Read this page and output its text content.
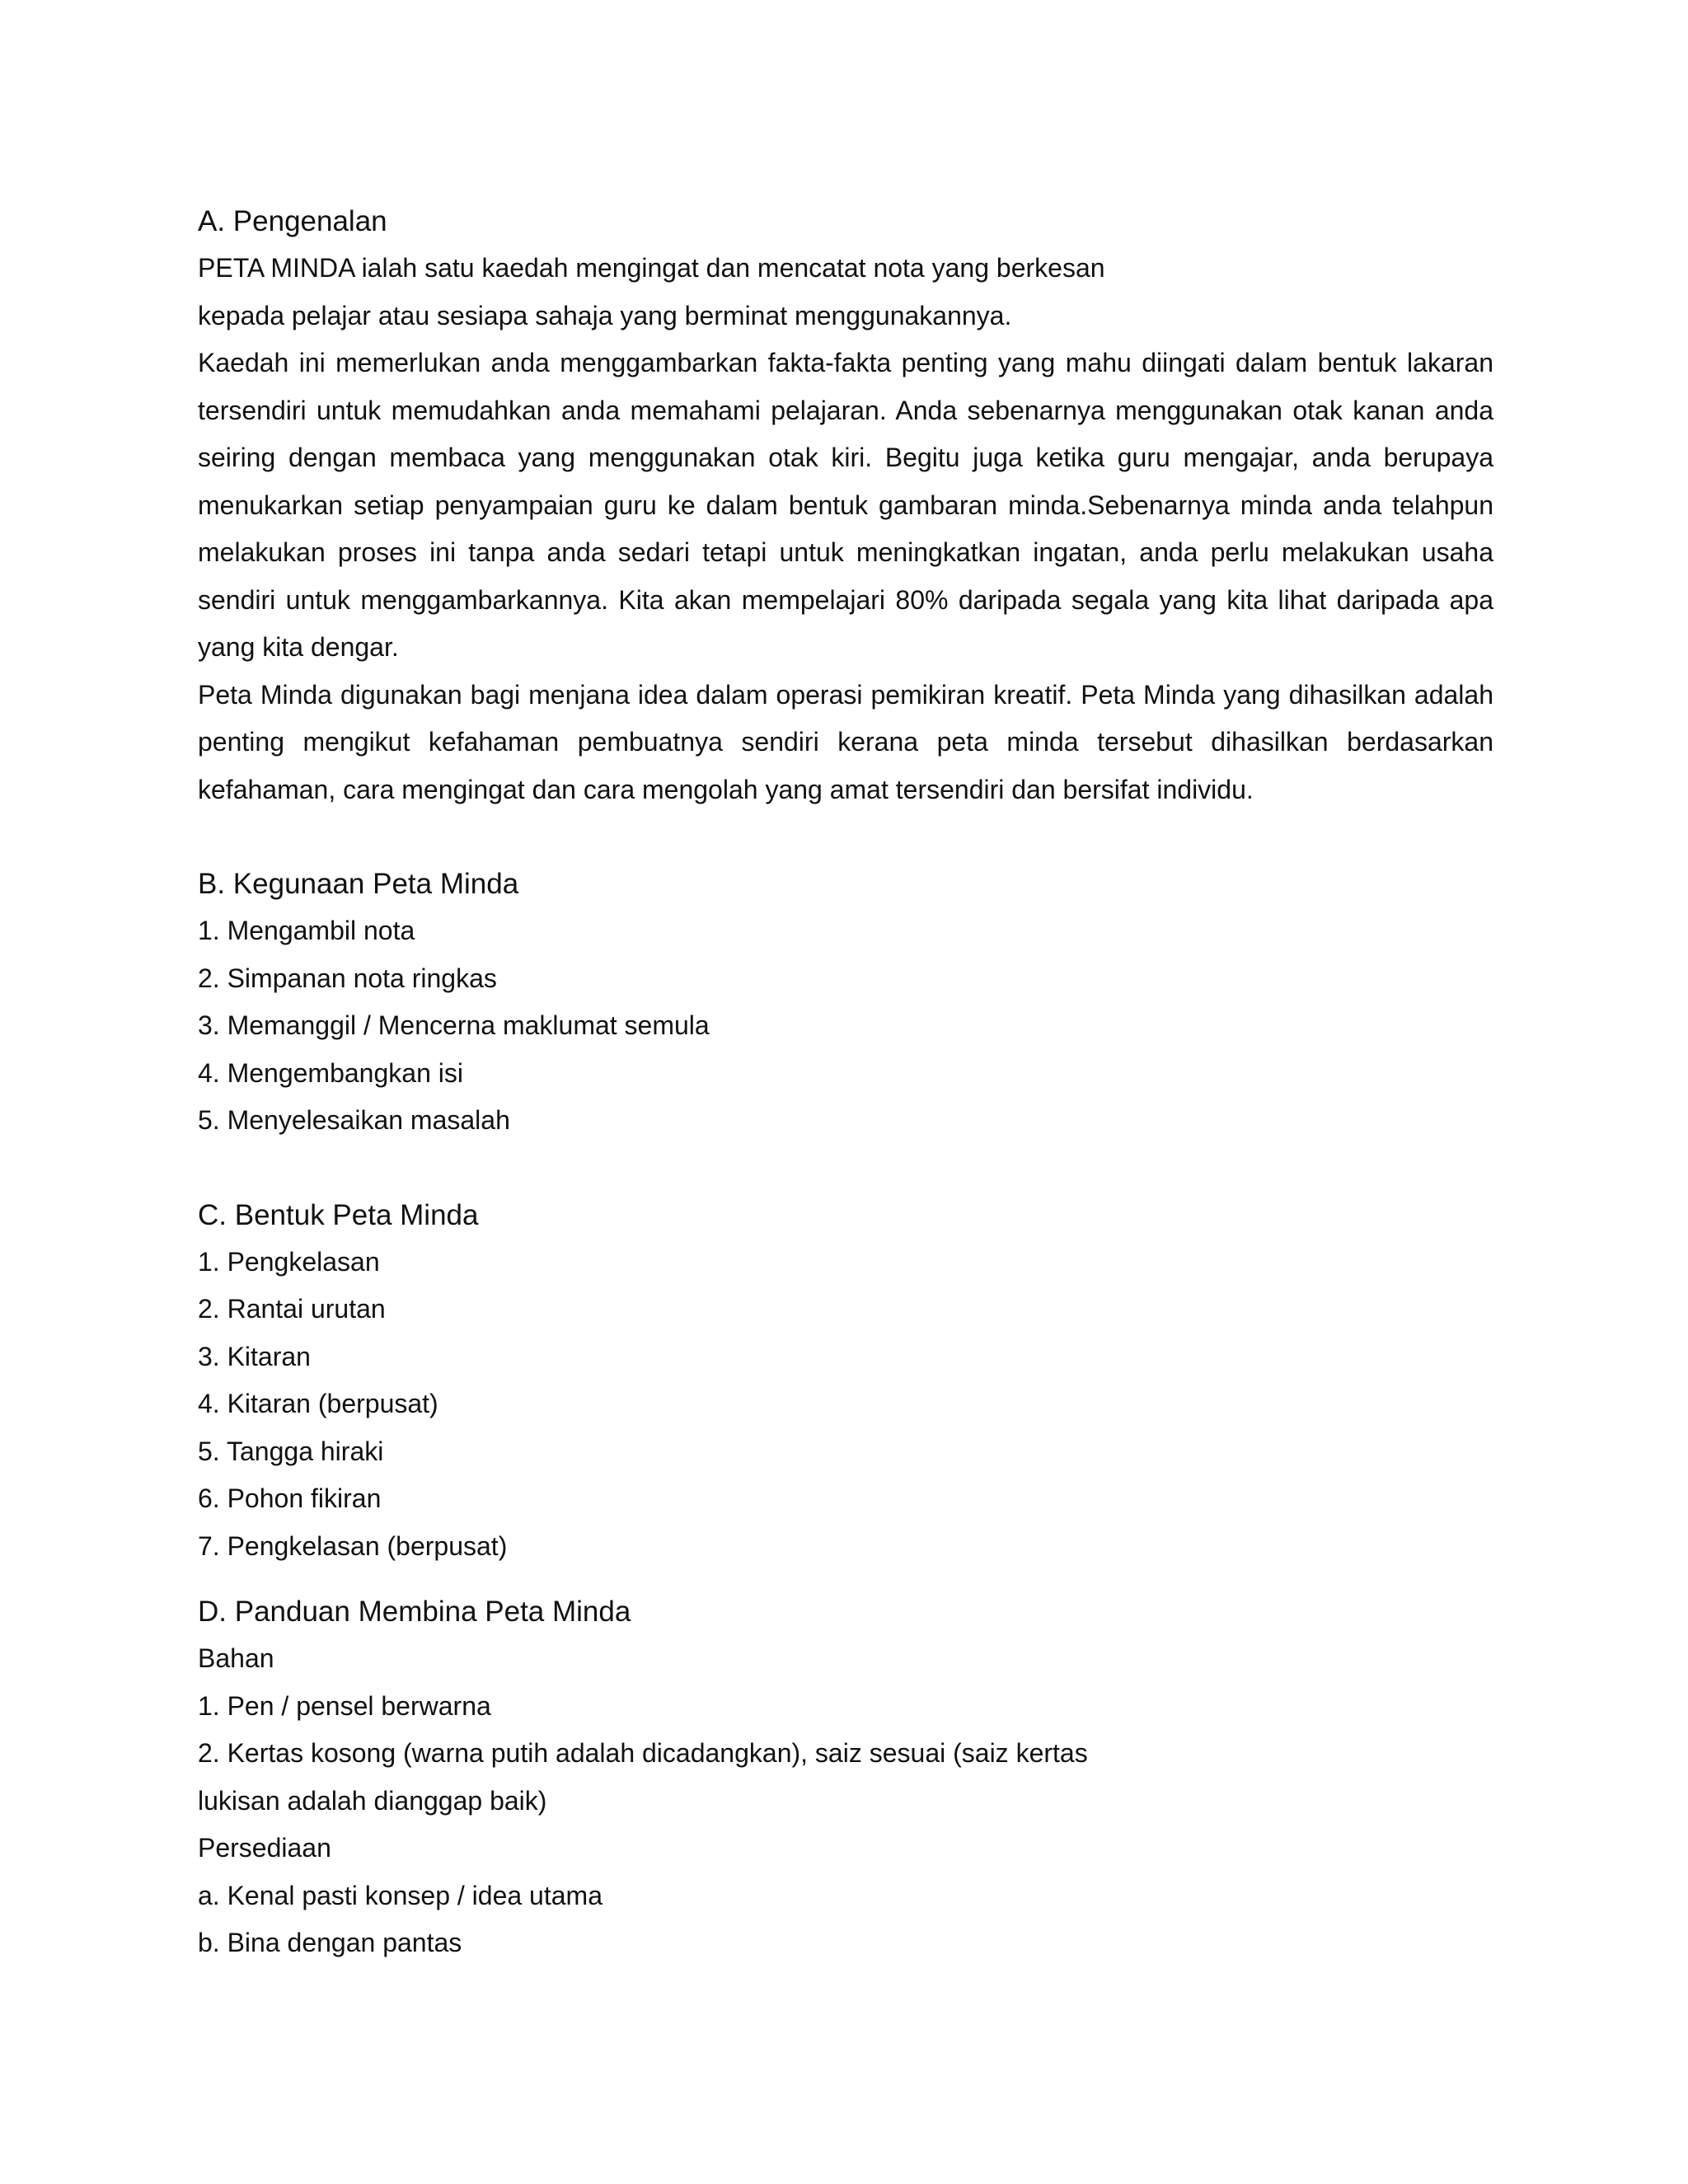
A. Pengenalan

PETA MINDA ialah satu kaedah mengingat dan mencatat nota yang berkesan

kepada pelajar atau sesiapa sahaja yang berminat menggunakannya.

Kaedah ini memerlukan anda menggambarkan fakta-fakta penting yang mahu diingati dalam bentuk lakaran tersendiri untuk memudahkan anda memahami pelajaran. Anda sebenarnya menggunakan otak kanan anda seiring dengan membaca yang menggunakan otak kiri. Begitu juga ketika guru mengajar, anda berupaya menukarkan setiap penyampaian guru ke dalam bentuk gambaran minda.Sebenarnya minda anda telahpun melakukan proses ini tanpa anda sedari tetapi untuk meningkatkan ingatan, anda perlu melakukan usaha sendiri untuk menggambarkannya. Kita akan mempelajari 80% daripada segala yang kita lihat daripada apa yang kita dengar.

Peta Minda digunakan bagi menjana idea dalam operasi pemikiran kreatif. Peta Minda yang dihasilkan adalah penting mengikut kefahaman pembuatnya sendiri kerana peta minda tersebut dihasilkan berdasarkan kefahaman, cara mengingat dan cara mengolah yang amat tersendiri dan bersifat individu.

B. Kegunaan Peta Minda

1. Mengambil nota

2. Simpanan nota ringkas

3. Memanggil / Mencerna maklumat semula

4. Mengembangkan isi

5. Menyelesaikan masalah

C. Bentuk Peta Minda

1. Pengkelasan

2. Rantai urutan

3. Kitaran

4. Kitaran (berpusat)

5. Tangga hiraki

6. Pohon fikiran

7. Pengkelasan (berpusat)

D. Panduan Membina Peta Minda

Bahan

1. Pen / pensel berwarna

2. Kertas kosong (warna putih adalah dicadangkan), saiz sesuai (saiz kertas

lukisan adalah dianggap baik)

Persediaan

a. Kenal pasti konsep / idea utama

b. Bina dengan pantas
